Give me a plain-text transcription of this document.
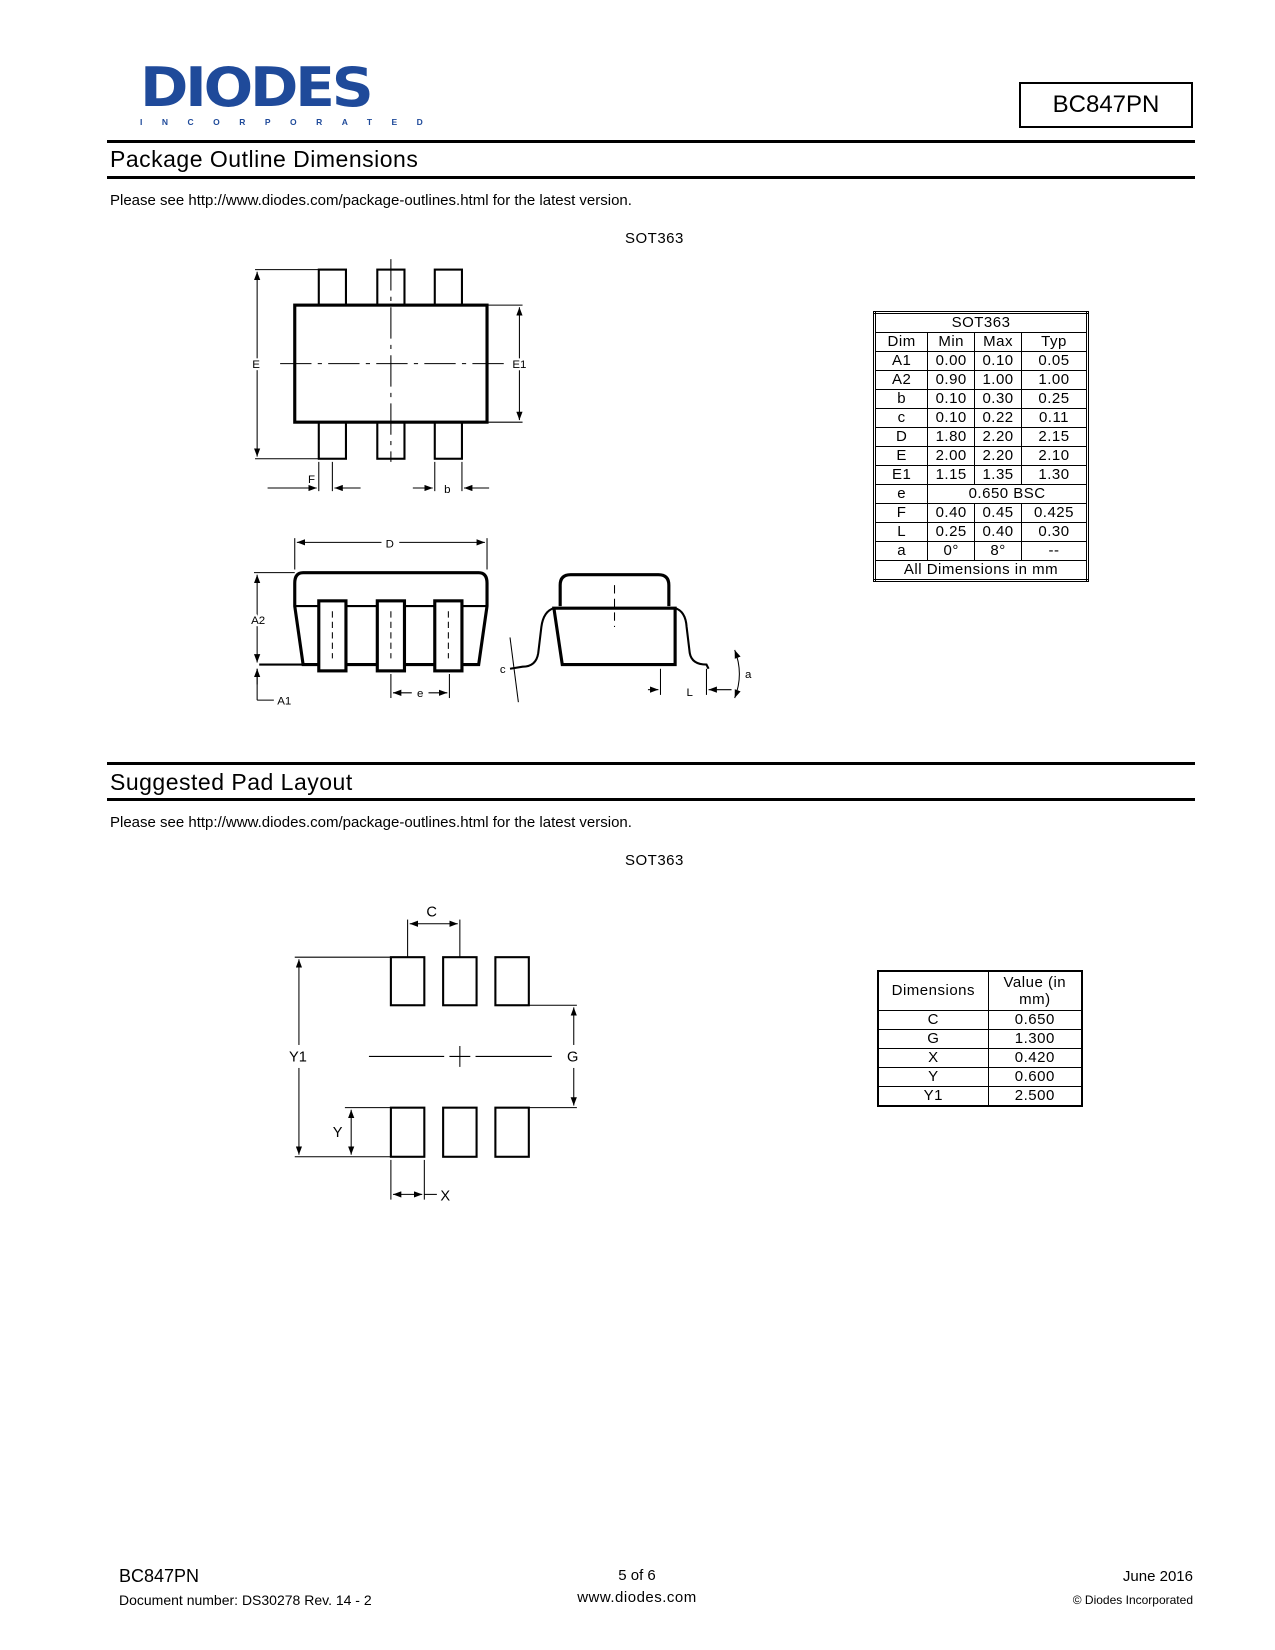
DIODES
INCORPORATED
BC847PN
Package Outline Dimensions
Please see http://www.diodes.com/package-outlines.html for the latest version.
SOT363
SOT363			
Dim	Min	Max	Typ
A1	0.00	0.10	0.05
A2	0.90	1.00	1.00
b	0.10	0.30	0.25
c	0.10	0.22	0.11
D	1.80	2.20	2.15
E	2.00	2.20	2.10
E1	1.15	1.35	1.30
e	0.650 BSC		
F	0.40	0.45	0.425
L	0.25	0.40	0.30
a	0°	8°	--
All Dimensions in mm			
Suggested Pad Layout
Please see http://www.diodes.com/package-outlines.html for the latest version.
SOT363
Dimensions	Value (in mm)
C	0.650
G	1.300
X	0.420
Y	0.600
Y1	2.500
E	E1
F
b
D
A2
A1
e
c
L
a
C
G
Y1
Y
X
BC847PN
Document number: DS30278 Rev. 14 - 2
5 of 6
www.diodes.com
June 2016
© Diodes Incorporated
